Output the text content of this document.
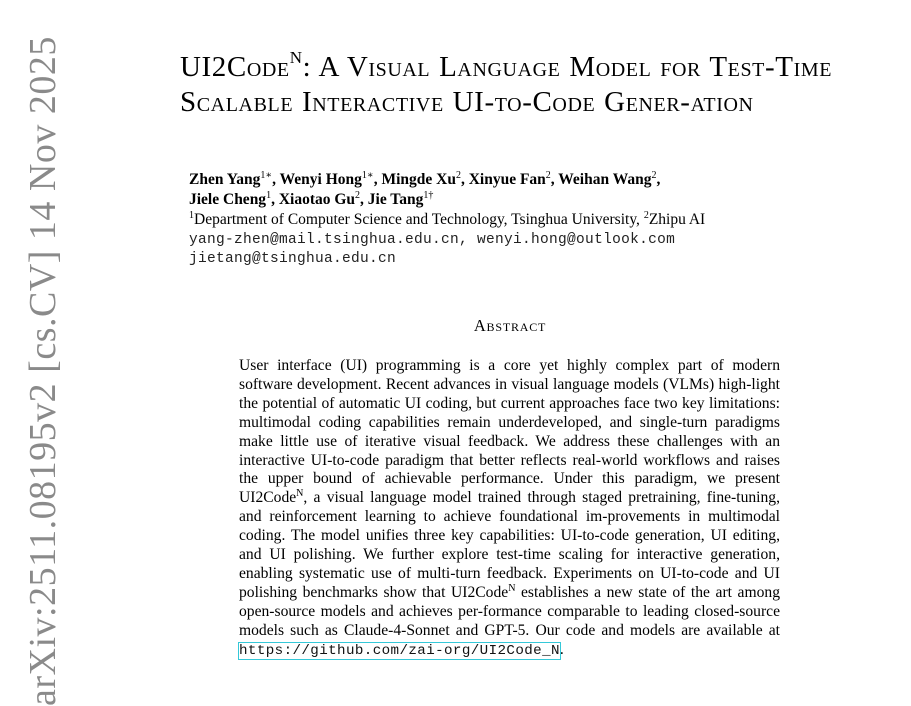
arXiv:2511.08195v2 [cs.CV] 14 Nov 2025	UI2Code$^N$: A Visual Language Model for Test-Time Scalable Interactive UI-to-Code Gener-ation
Zhen Yang$^{1∗}$, Wenyi Hong$^{1∗}$, Mingde Xu$^2$, Xinyue Fan$^2$, Weihan Wang$^2$,
Jiele Cheng$^1$, Xiaotao Gu$^2$, Jie Tang$^{1\dagger}$
$^1$Department of Computer Science and Technology, Tsinghua University, $^2$Zhipu AI
yang-zhen@mail.tsinghua.edu.cn, wenyi.hong@outlook.com
jietang@tsinghua.edu.cn
Abstract
User interface (UI) programming is a core yet highly complex part of modern software development. Recent advances in visual language models (VLMs) high-light the potential of automatic UI coding, but current approaches face two key limitations: multimodal coding capabilities remain underdeveloped, and single-turn paradigms make little use of iterative visual feedback. We address these challenges with an interactive UI-to-code paradigm that better reflects real-world workflows and raises the upper bound of achievable performance. Under this paradigm, we present UI2Code$^N$, a visual language model trained through staged pretraining, fine-tuning, and reinforcement learning to achieve foundational im-provements in multimodal coding. The model unifies three key capabilities: UI-to-code generation, UI editing, and UI polishing. We further explore test-time scaling for interactive generation, enabling systematic use of multi-turn feedback. Experiments on UI-to-code and UI polishing benchmarks show that UI2Code$^N$ establishes a new state of the art among open-source models and achieves per-formance comparable to leading closed-source models such as Claude-4-Sonnet and GPT-5. Our code and models are available at https://github.com/zai-org/UI2Code_N.
